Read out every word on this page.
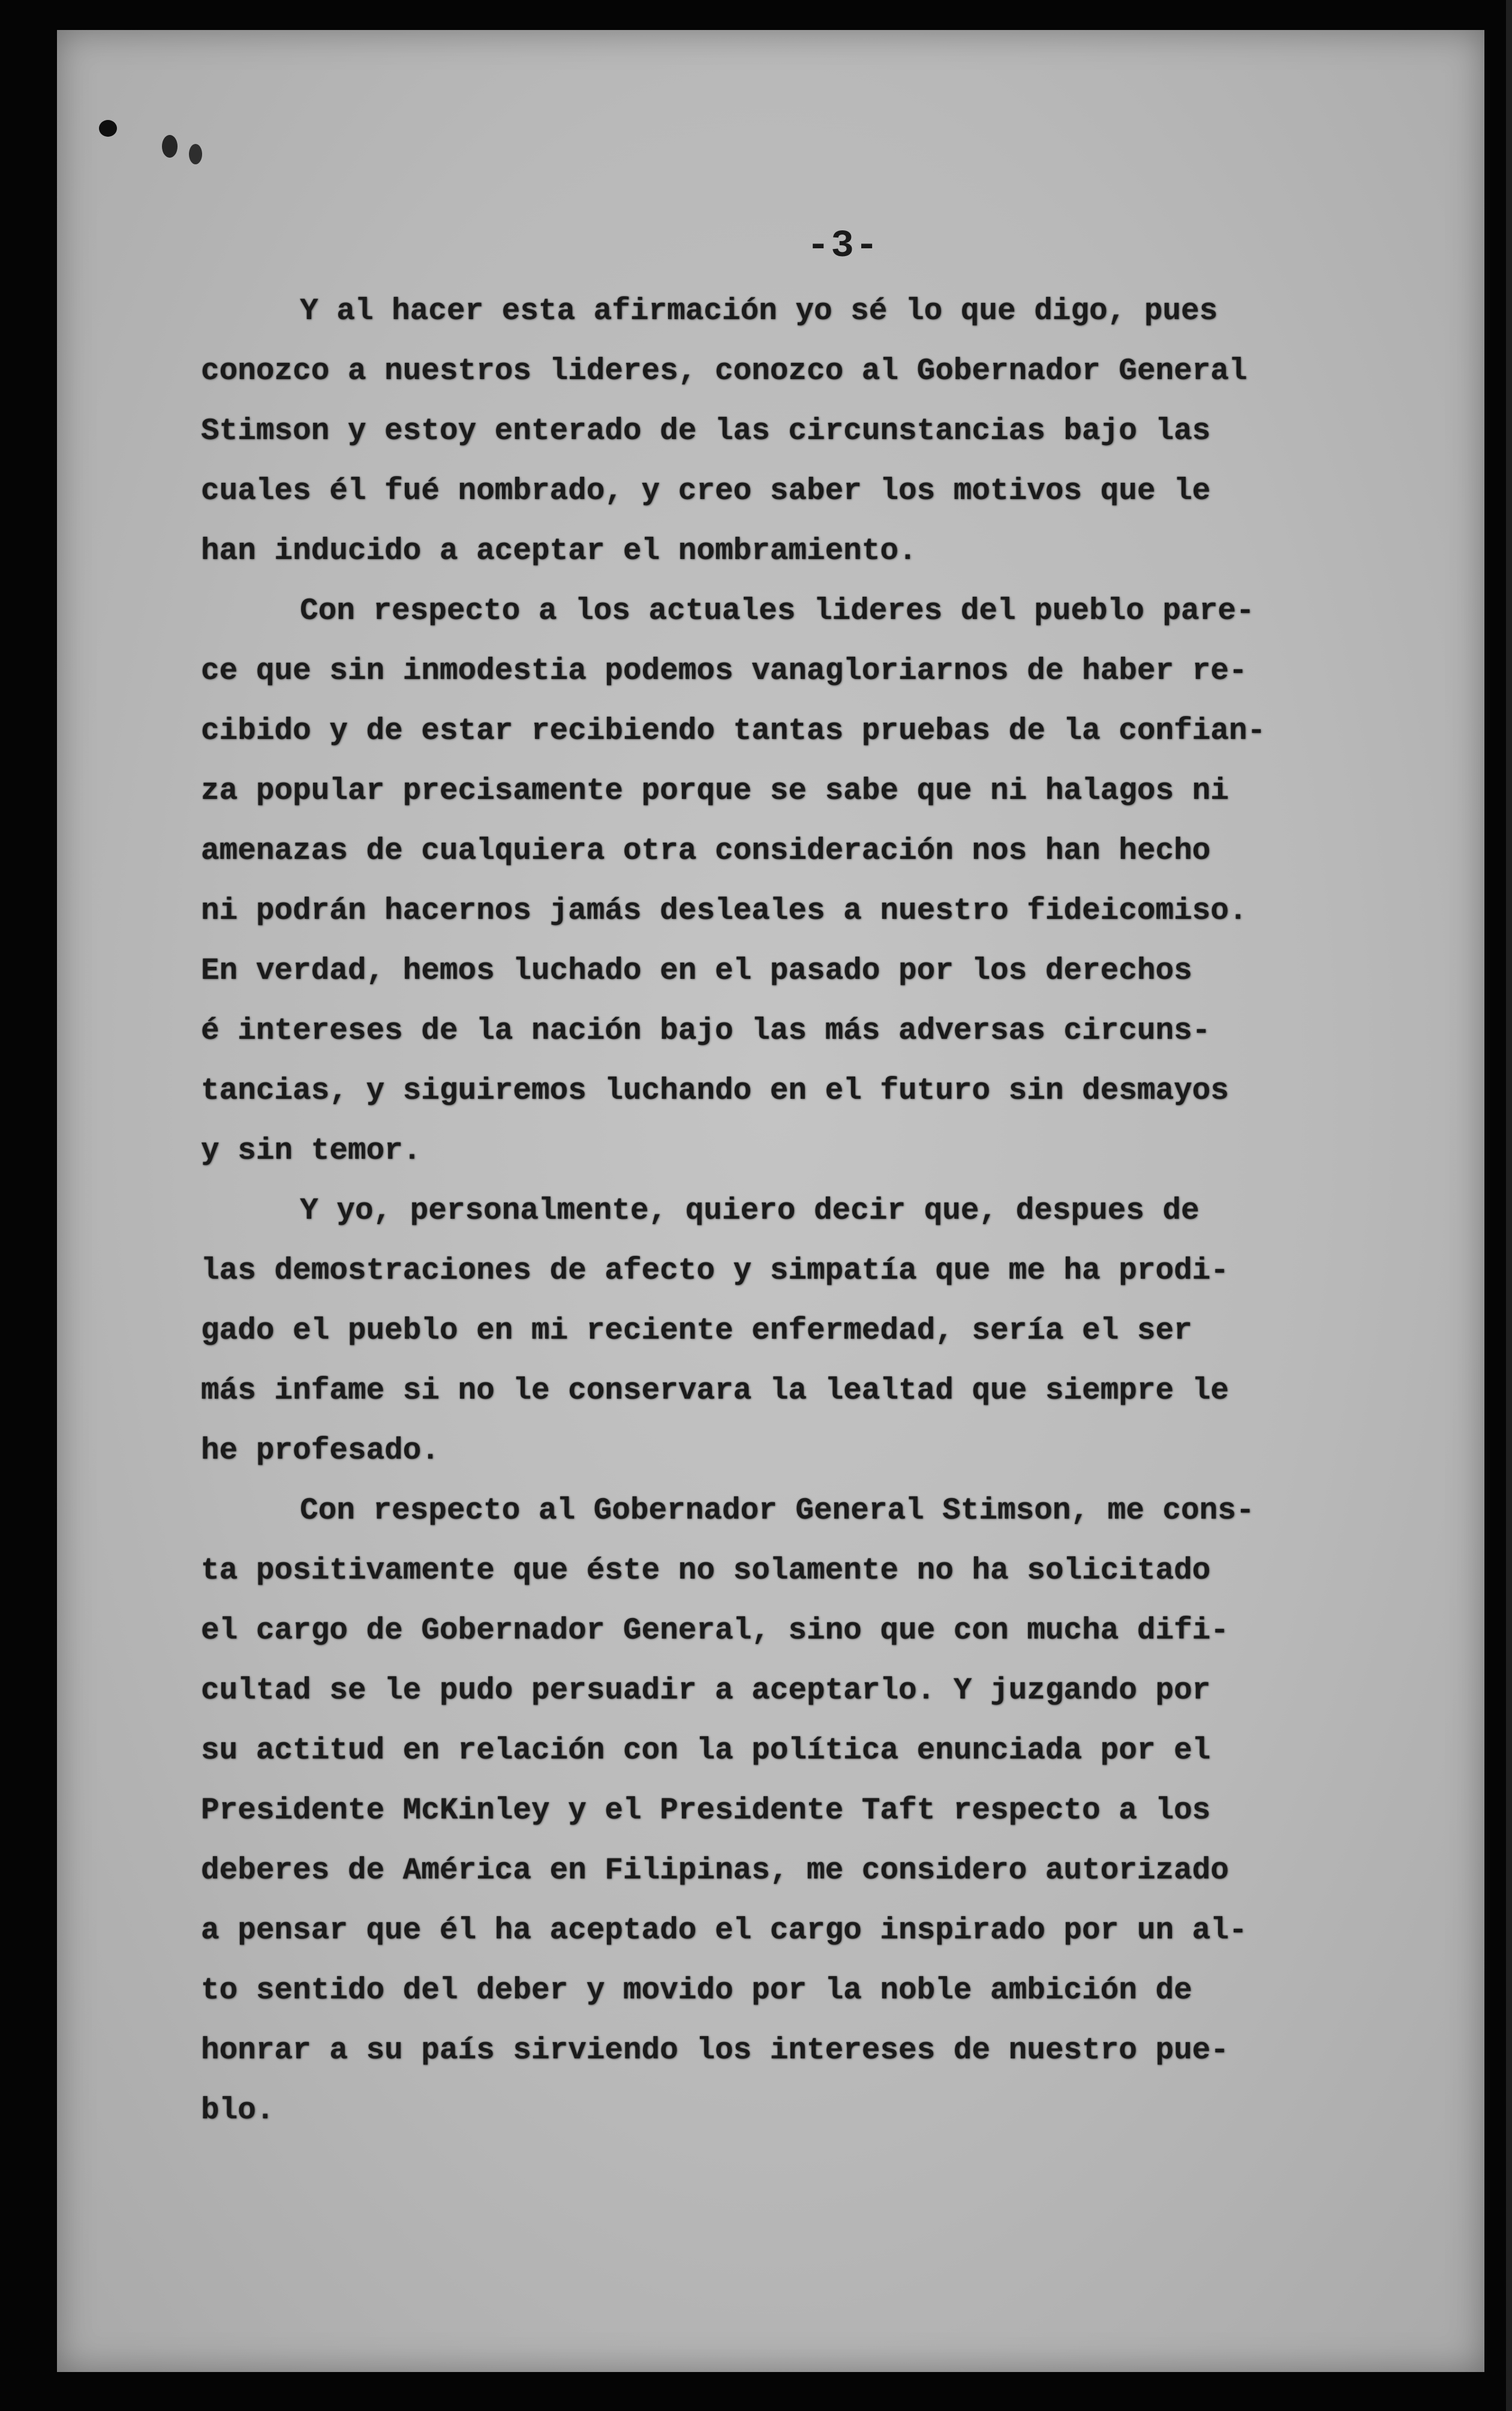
-3-
Y al hacer esta afirmación yo sé lo que digo, pues
conozco a nuestros lideres, conozco al Gobernador General
Stimson y estoy enterado de las circunstancias bajo las
cuales él fué nombrado, y creo saber los motivos que le
han inducido a aceptar el nombramiento.
Con respecto a los actuales lideres del pueblo pare-
ce que sin inmodestia podemos vanagloriarnos de haber re-
cibido y de estar recibiendo tantas pruebas de la confian-
za popular precisamente porque se sabe que ni halagos ni
amenazas de cualquiera otra consideración nos han hecho
ni podrán hacernos jamás desleales a nuestro fideicomiso.
En verdad, hemos luchado en el pasado por los derechos
é intereses de la nación bajo las más adversas circuns-
tancias, y siguiremos luchando en el futuro sin desmayos
y sin temor.
Y yo, personalmente, quiero decir que, despues de
las demostraciones de afecto y simpatía que me ha prodi-
gado el pueblo en mi reciente enfermedad, sería el ser
más infame si no le conservara la lealtad que siempre le
he profesado.
Con respecto al Gobernador General Stimson, me cons-
ta positivamente que éste no solamente no ha solicitado
el cargo de Gobernador General, sino que con mucha difi-
cultad se le pudo persuadir a aceptarlo. Y juzgando por
su actitud en relación con la política enunciada por el
Presidente McKinley y el Presidente Taft respecto a los
deberes de América en Filipinas, me considero autorizado
a pensar que él ha aceptado el cargo inspirado por un al-
to sentido del deber y movido por la noble ambición de
honrar a su país sirviendo los intereses de nuestro pue-
blo.
